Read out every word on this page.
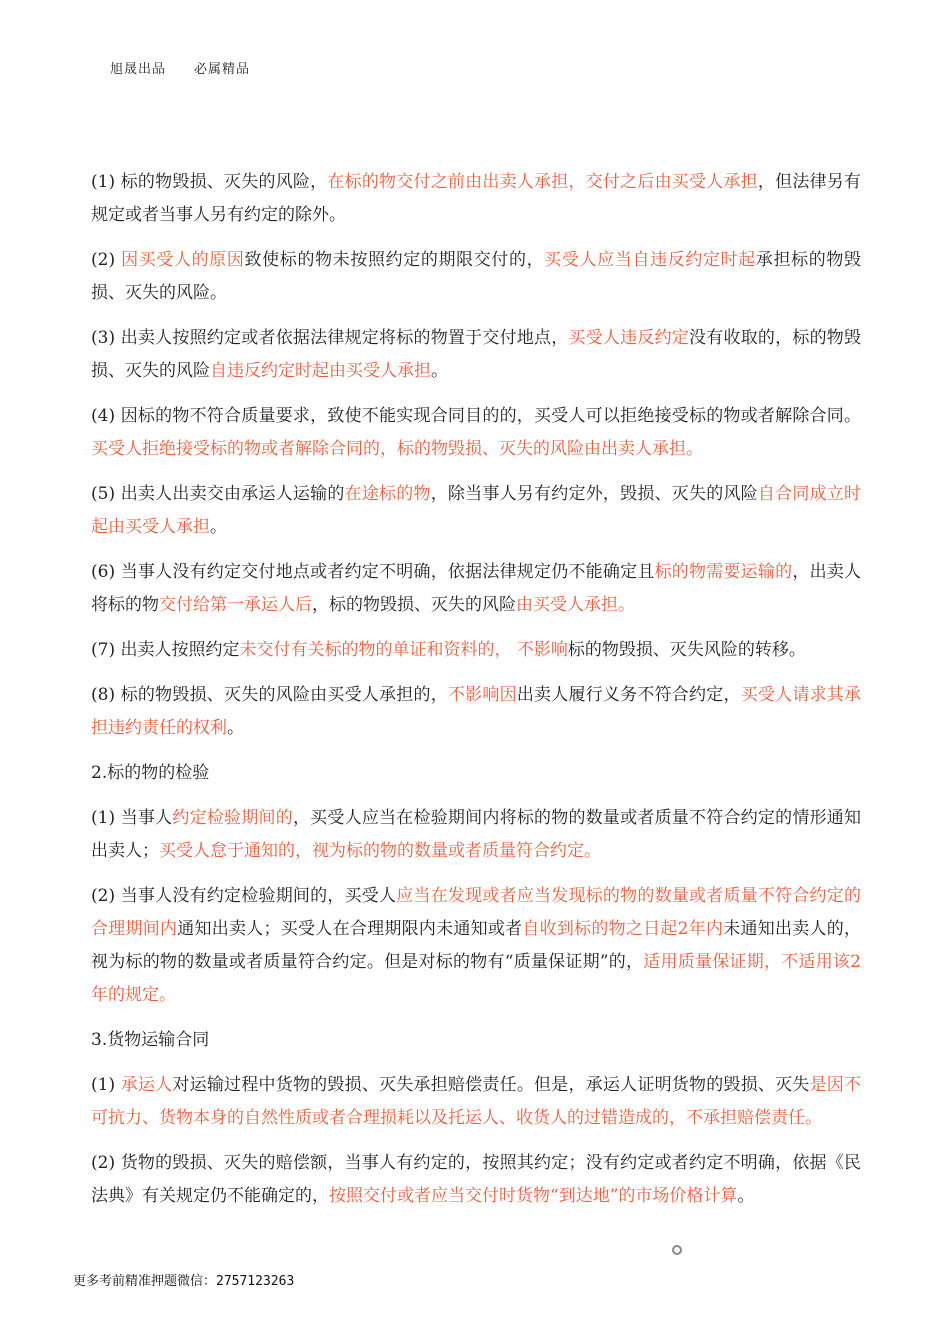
旭晟出品 必属精品

(1) 标的物毁损、灭失的风险，在标的物交付之前由出卖人承担，交付之后由买受人承担，但法律另有规定或者当事人另有约定的除外。

(2) 因买受人的原因致使标的物未按照约定的期限交付的，买受人应当自违反约定时起承担标的物毁损、灭失的风险。

(3) 出卖人按照约定或者依据法律规定将标的物置于交付地点，买受人违反约定没有收取的，标的物毁损、灭失的风险自违反约定时起由买受人承担。

(4) 因标的物不符合质量要求，致使不能实现合同目的的，买受人可以拒绝接受标的物或者解除合同。买受人拒绝接受标的物或者解除合同的，标的物毁损、灭失的风险由出卖人承担。

(5) 出卖人出卖交由承运人运输的在途标的物，除当事人另有约定外，毁损、灭失的风险自合同成立时起由买受人承担。

(6) 当事人没有约定交付地点或者约定不明确，依据法律规定仍不能确定且标的物需要运输的，出卖人将标的物交付给第一承运人后，标的物毁损、灭失的风险由买受人承担。

(7) 出卖人按照约定未交付有关标的物的单证和资料的， 不影响标的物毁损、灭失风险的转移。

(8) 标的物毁损、灭失的风险由买受人承担的，不影响因出卖人履行义务不符合约定，买受人请求其承担违约责任的权利。

2.标的物的检验

(1) 当事人约定检验期间的，买受人应当在检验期间内将标的物的数量或者质量不符合约定的情形通知出卖人；买受人怠于通知的，视为标的物的数量或者质量符合约定。

(2) 当事人没有约定检验期间的，买受人应当在发现或者应当发现标的物的数量或者质量不符合约定的合理期间内通知出卖人；买受人在合理期限内未通知或者自收到标的物之日起2年内未通知出卖人的，视为标的物的数量或者质量符合约定。但是对标的物有“质量保证期”的，适用质量保证期，不适用该2年的规定。

3.货物运输合同

(1) 承运人对运输过程中货物的毁损、灭失承担赔偿责任。但是，承运人证明货物的毁损、灭失是因不可抗力、货物本身的自然性质或者合理损耗以及托运人、收货人的过错造成的，不承担赔偿责任。

(2) 货物的毁损、灭失的赔偿额，当事人有约定的，按照其约定；没有约定或者约定不明确，依据《民法典》有关规定仍不能确定的，按照交付或者应当交付时货物“到达地”的市场价格计算。

更多考前精准押题微信：2757123263
